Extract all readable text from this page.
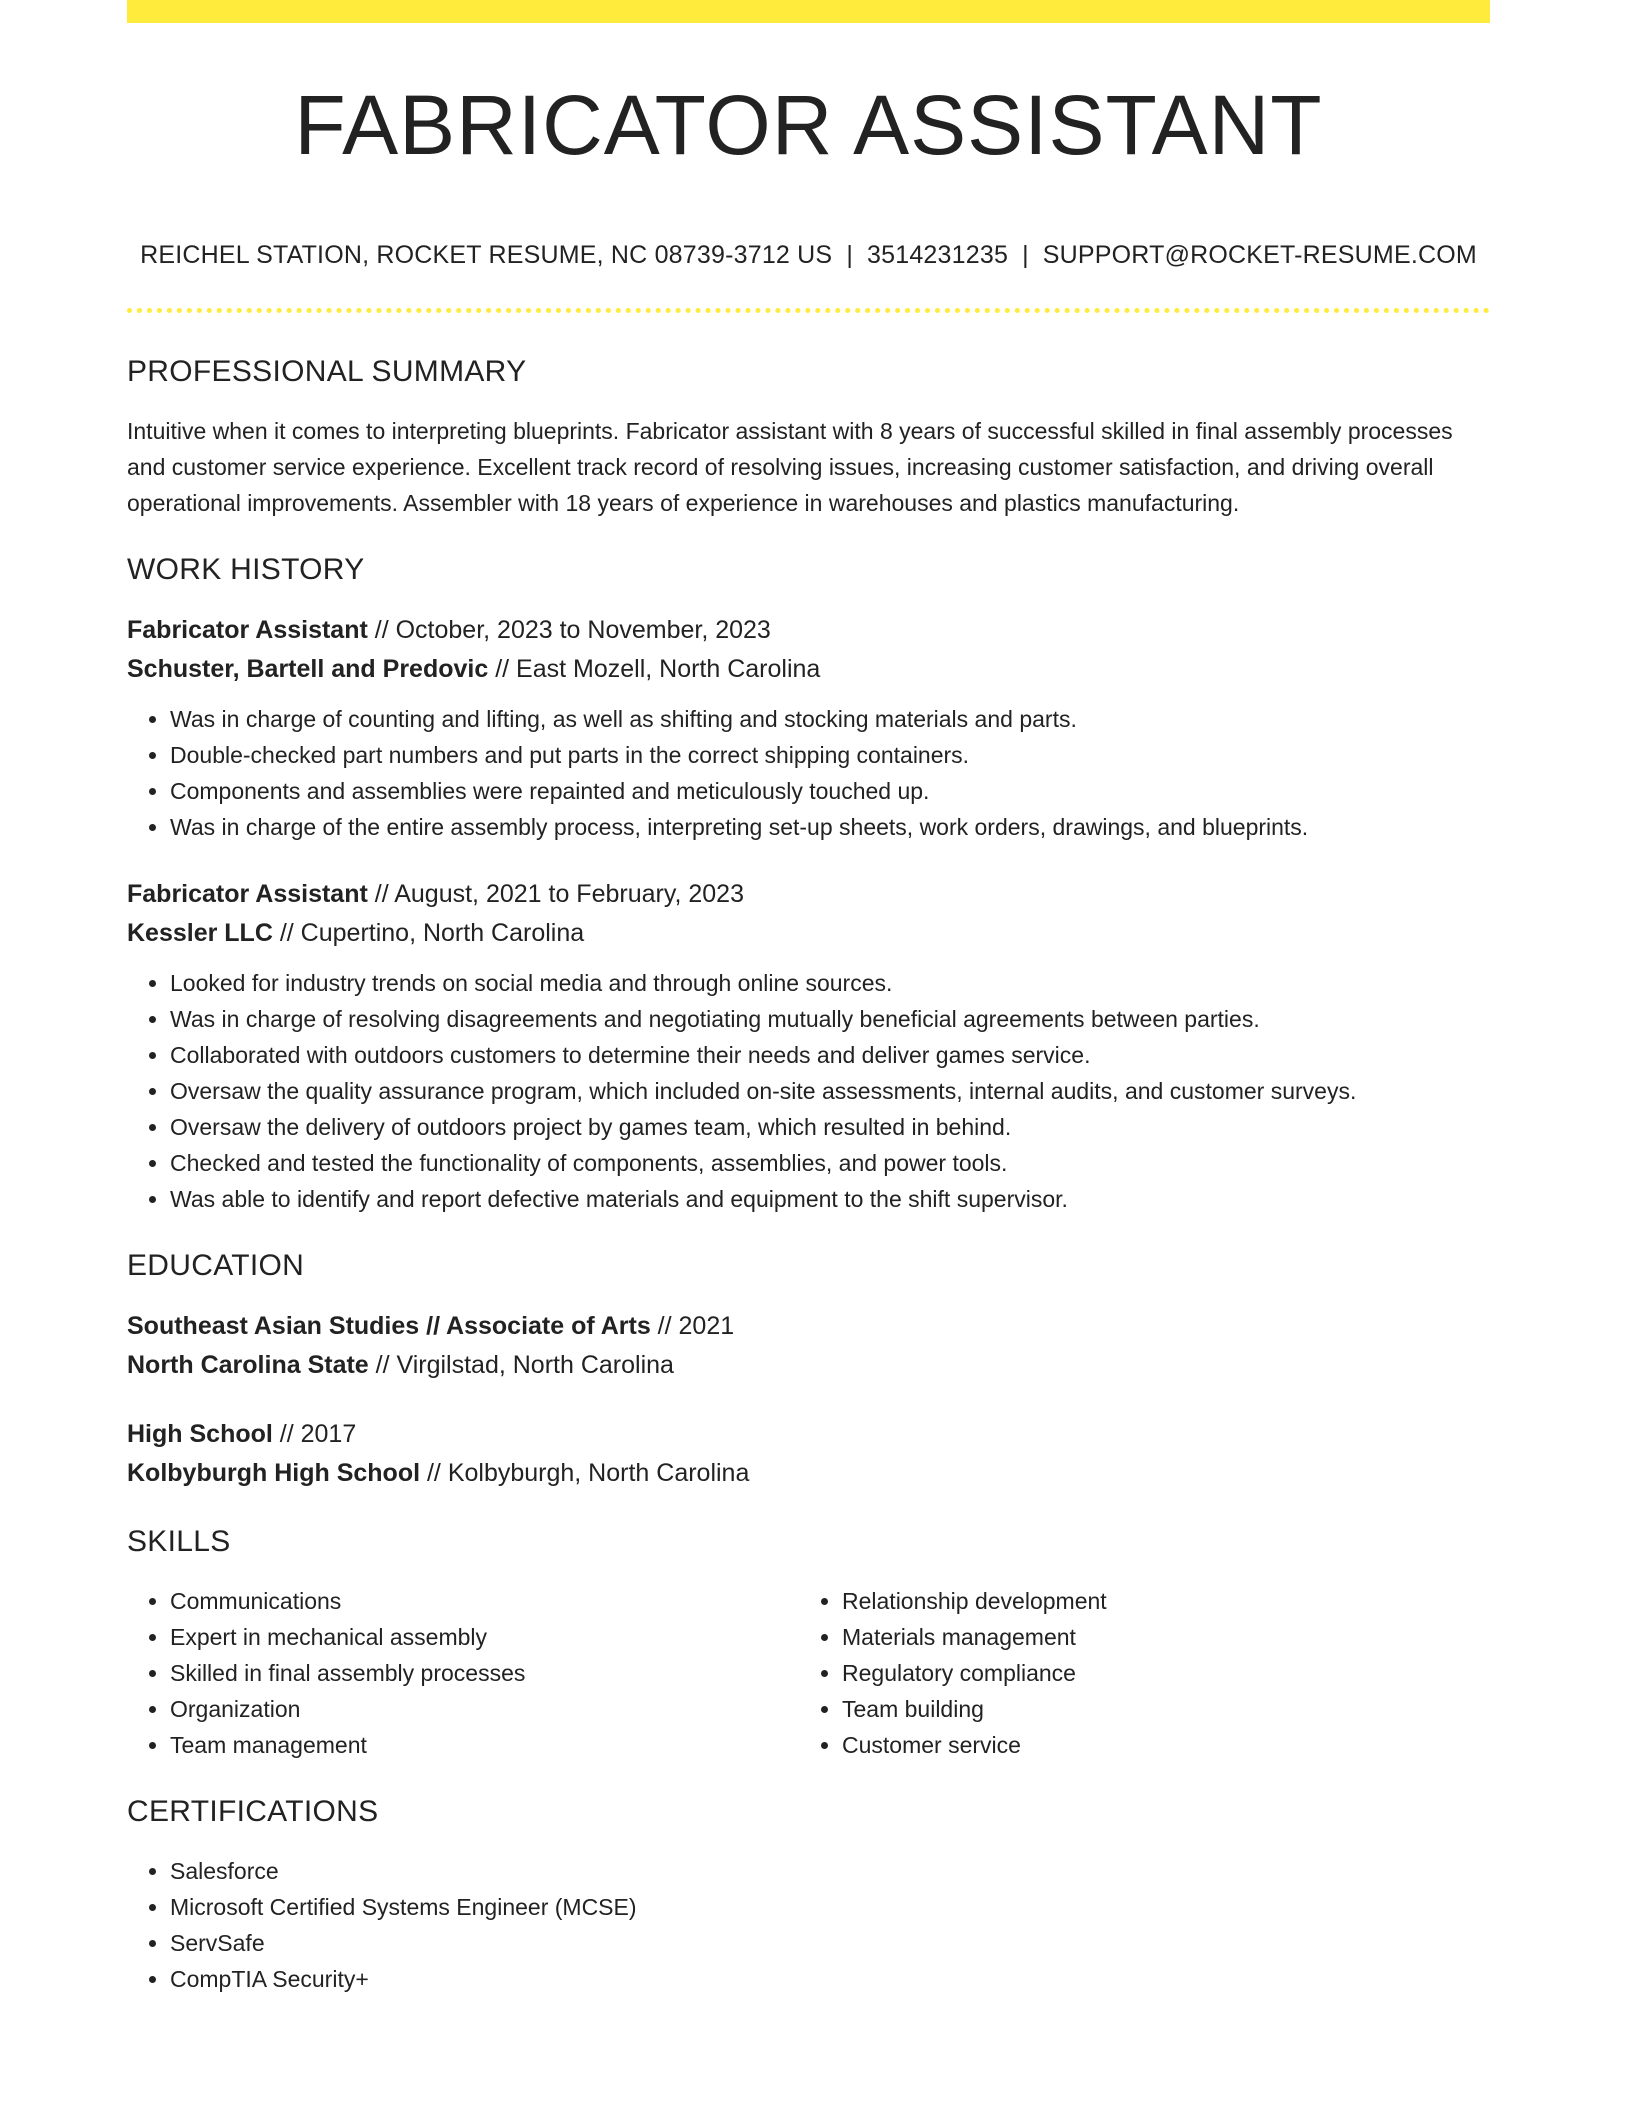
FABRICATOR ASSISTANT
REICHEL STATION, ROCKET RESUME, NC 08739-3712 US | 3514231235 | SUPPORT@ROCKET-RESUME.COM
PROFESSIONAL SUMMARY

Intuitive when it comes to interpreting blueprints. Fabricator assistant with 8 years of successful skilled in final assembly processes and customer service experience. Excellent track record of resolving issues, increasing customer satisfaction, and driving overall operational improvements. Assembler with 18 years of experience in warehouses and plastics manufacturing.

WORK HISTORY

Fabricator Assistant // October, 2023 to November, 2023

Schuster, Bartell and Predovic // East Mozell, North Carolina

• Was in charge of counting and lifting, as well as shifting and stocking materials and parts.
• Double-checked part numbers and put parts in the correct shipping containers.
• Components and assemblies were repainted and meticulously touched up.
• Was in charge of the entire assembly process, interpreting set-up sheets, work orders, drawings, and blueprints.

Fabricator Assistant // August, 2021 to February, 2023

Kessler LLC // Cupertino, North Carolina

• Looked for industry trends on social media and through online sources.
• Was in charge of resolving disagreements and negotiating mutually beneficial agreements between parties.
• Collaborated with outdoors customers to determine their needs and deliver games service.
• Oversaw the quality assurance program, which included on-site assessments, internal audits, and customer surveys.
• Oversaw the delivery of outdoors project by games team, which resulted in behind.
• Checked and tested the functionality of components, assemblies, and power tools.
• Was able to identify and report defective materials and equipment to the shift supervisor.
EDUCATION

Southeast Asian Studies // Associate of Arts // 2021

North Carolina State // Virgilstad, North Carolina

High School // 2017

Kolbyburgh High School // Kolbyburgh, North Carolina

SKILLS
• Communications
• Expert in mechanical assembly
• Skilled in final assembly processes
• Organization
• Team management
• Relationship development
• Materials management
• Regulatory compliance
• Team building
• Customer service
CERTIFICATIONS
• Salesforce
• Microsoft Certified Systems Engineer (MCSE)
• ServSafe
• CompTIA Security+
